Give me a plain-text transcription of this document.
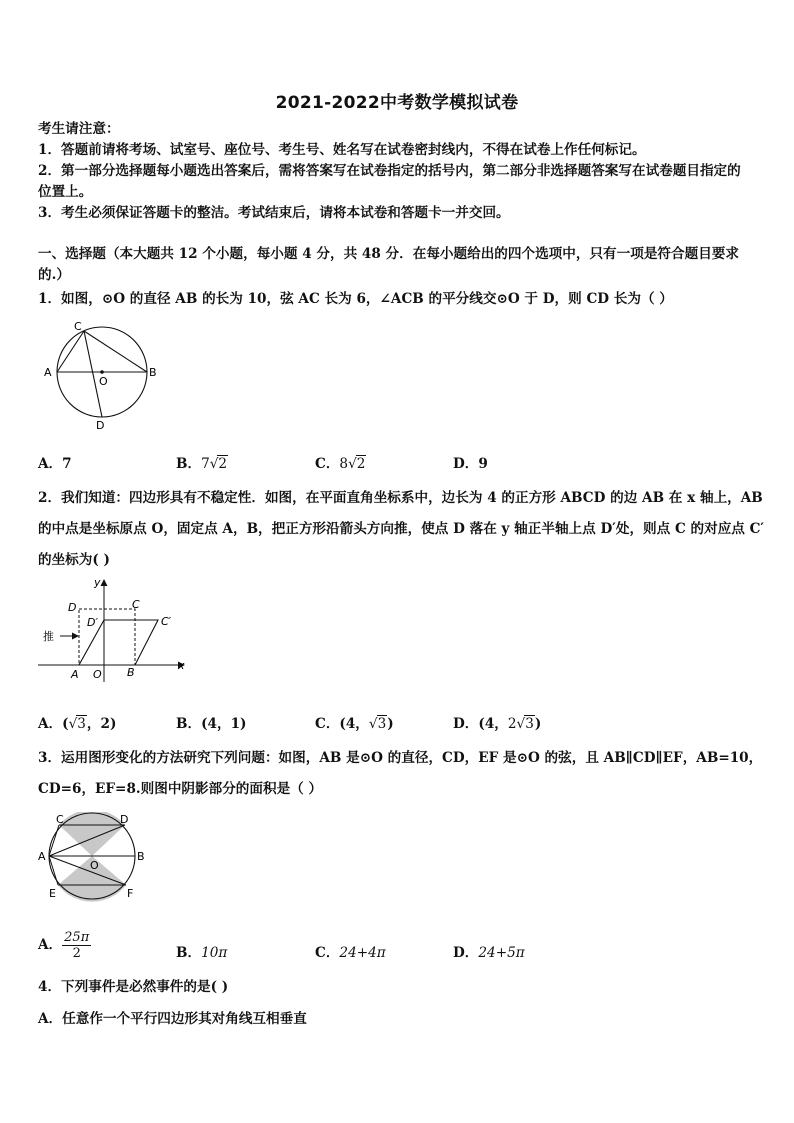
2021-2022中考数学模拟试卷
考生请注意：
1．答题前请将考场、试室号、座位号、考生号、姓名写在试卷密封线内，不得在试卷上作任何标记。
2．第一部分选择题每小题选出答案后，需将答案写在试卷指定的括号内，第二部分非选择题答案写在试卷题目指定的
位置上。
3．考生必须保证答题卡的整洁。考试结束后，请将本试卷和答题卡一并交回。
一、选择题（本大题共 12 个小题，每小题 4 分，共 48 分．在每小题给出的四个选项中，只有一项是符合题目要求
的.）
1．如图，⊙O 的直径 AB 的长为 10，弦 AC 长为 6，∠ACB 的平分线交⊙O 于 D，则 CD 长为（ ）
C
A
O
B
D
A．7	B．7√2	C．8√2	D．9
2．我们知道：四边形具有不稳定性．如图，在平面直角坐标系中，边长为 4 的正方形 ABCD 的边 AB 在 x 轴上，AB
的中点是坐标原点 O，固定点 A，B，把正方形沿箭头方向推，使点 D 落在 y 轴正半轴上点 D′处，则点 C 的对应点 C′
的坐标为( )
y
x
D	C
D′	C′
推
A O B
A．(√3，2)	B．(4，1)	C．(4，√3)	D．(4，2√3)
3．运用图形变化的方法研究下列问题：如图，AB 是⊙O 的直径，CD，EF 是⊙O 的弦，且 AB∥CD∥EF，AB=10，
CD=6，EF=8.则图中阴影部分的面积是（ ）
C	D
A
O
B
E	F
A． $\frac{25\pi}{2}$	B．10π	C．24+4π	D．24+5π
4．下列事件是必然事件的是( )
A．任意作一个平行四边形其对角线互相垂直
